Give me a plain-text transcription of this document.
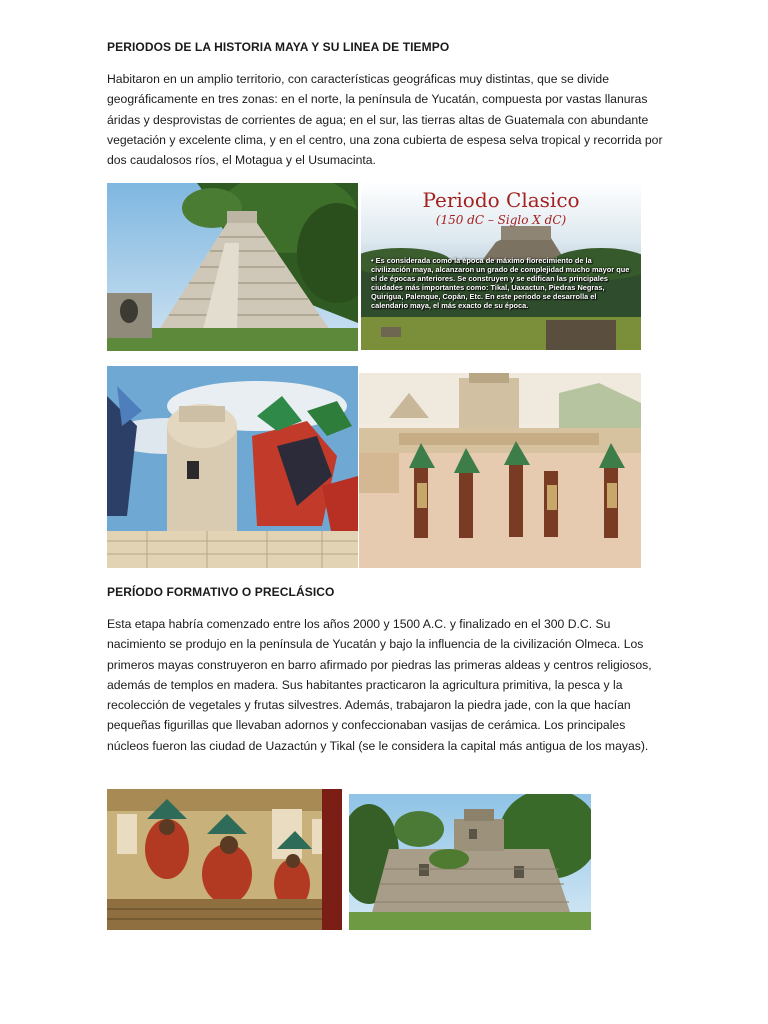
PERIODOS DE LA HISTORIA MAYA Y SU LINEA DE TIEMPO
Habitaron en un amplio territorio, con características geográficas muy distintas, que se divide geográficamente en tres zonas: en el norte, la península de Yucatán, compuesta por vastas llanuras áridas y desprovistas de corrientes de agua; en el sur, las tierras altas de Guatemala con abundante vegetación y excelente clima, y en el centro, una zona cubierta de espesa selva tropical y recorrida por dos caudalosos ríos, el Motagua y el Usumacinta.
Periodo Clasico
(150 dC – Siglo X dC)
• Es considerada como la época de máximo florecimiento de la civilización maya, alcanzaron un grado de complejidad mucho mayor que el de épocas anteriores. Se construyen y se edifican las principales ciudades más importantes como: Tikal, Uaxactun, Piedras Negras, Quirigua, Palenque, Copán, Etc. En este periodo se desarrolla el calendario maya, el más exacto de su época.
PERÍODO FORMATIVO O PRECLÁSICO
Esta etapa habría comenzado entre los años 2000 y 1500 A.C. y finalizado en el 300 D.C. Su nacimiento se produjo en la península de Yucatán y bajo la influencia de la civilización Olmeca. Los primeros mayas construyeron en barro afirmado por piedras las primeras aldeas y centros religiosos, además de templos en madera. Sus habitantes practicaron la agricultura primitiva, la pesca y la recolección de vegetales y frutas silvestres. Además, trabajaron la piedra jade, con la que hacían pequeñas figurillas que llevaban adornos y confeccionaban vasijas de cerámica. Los principales núcleos fueron las ciudad de Uazactún y Tikal (se le considera la capital más antigua de los mayas).
